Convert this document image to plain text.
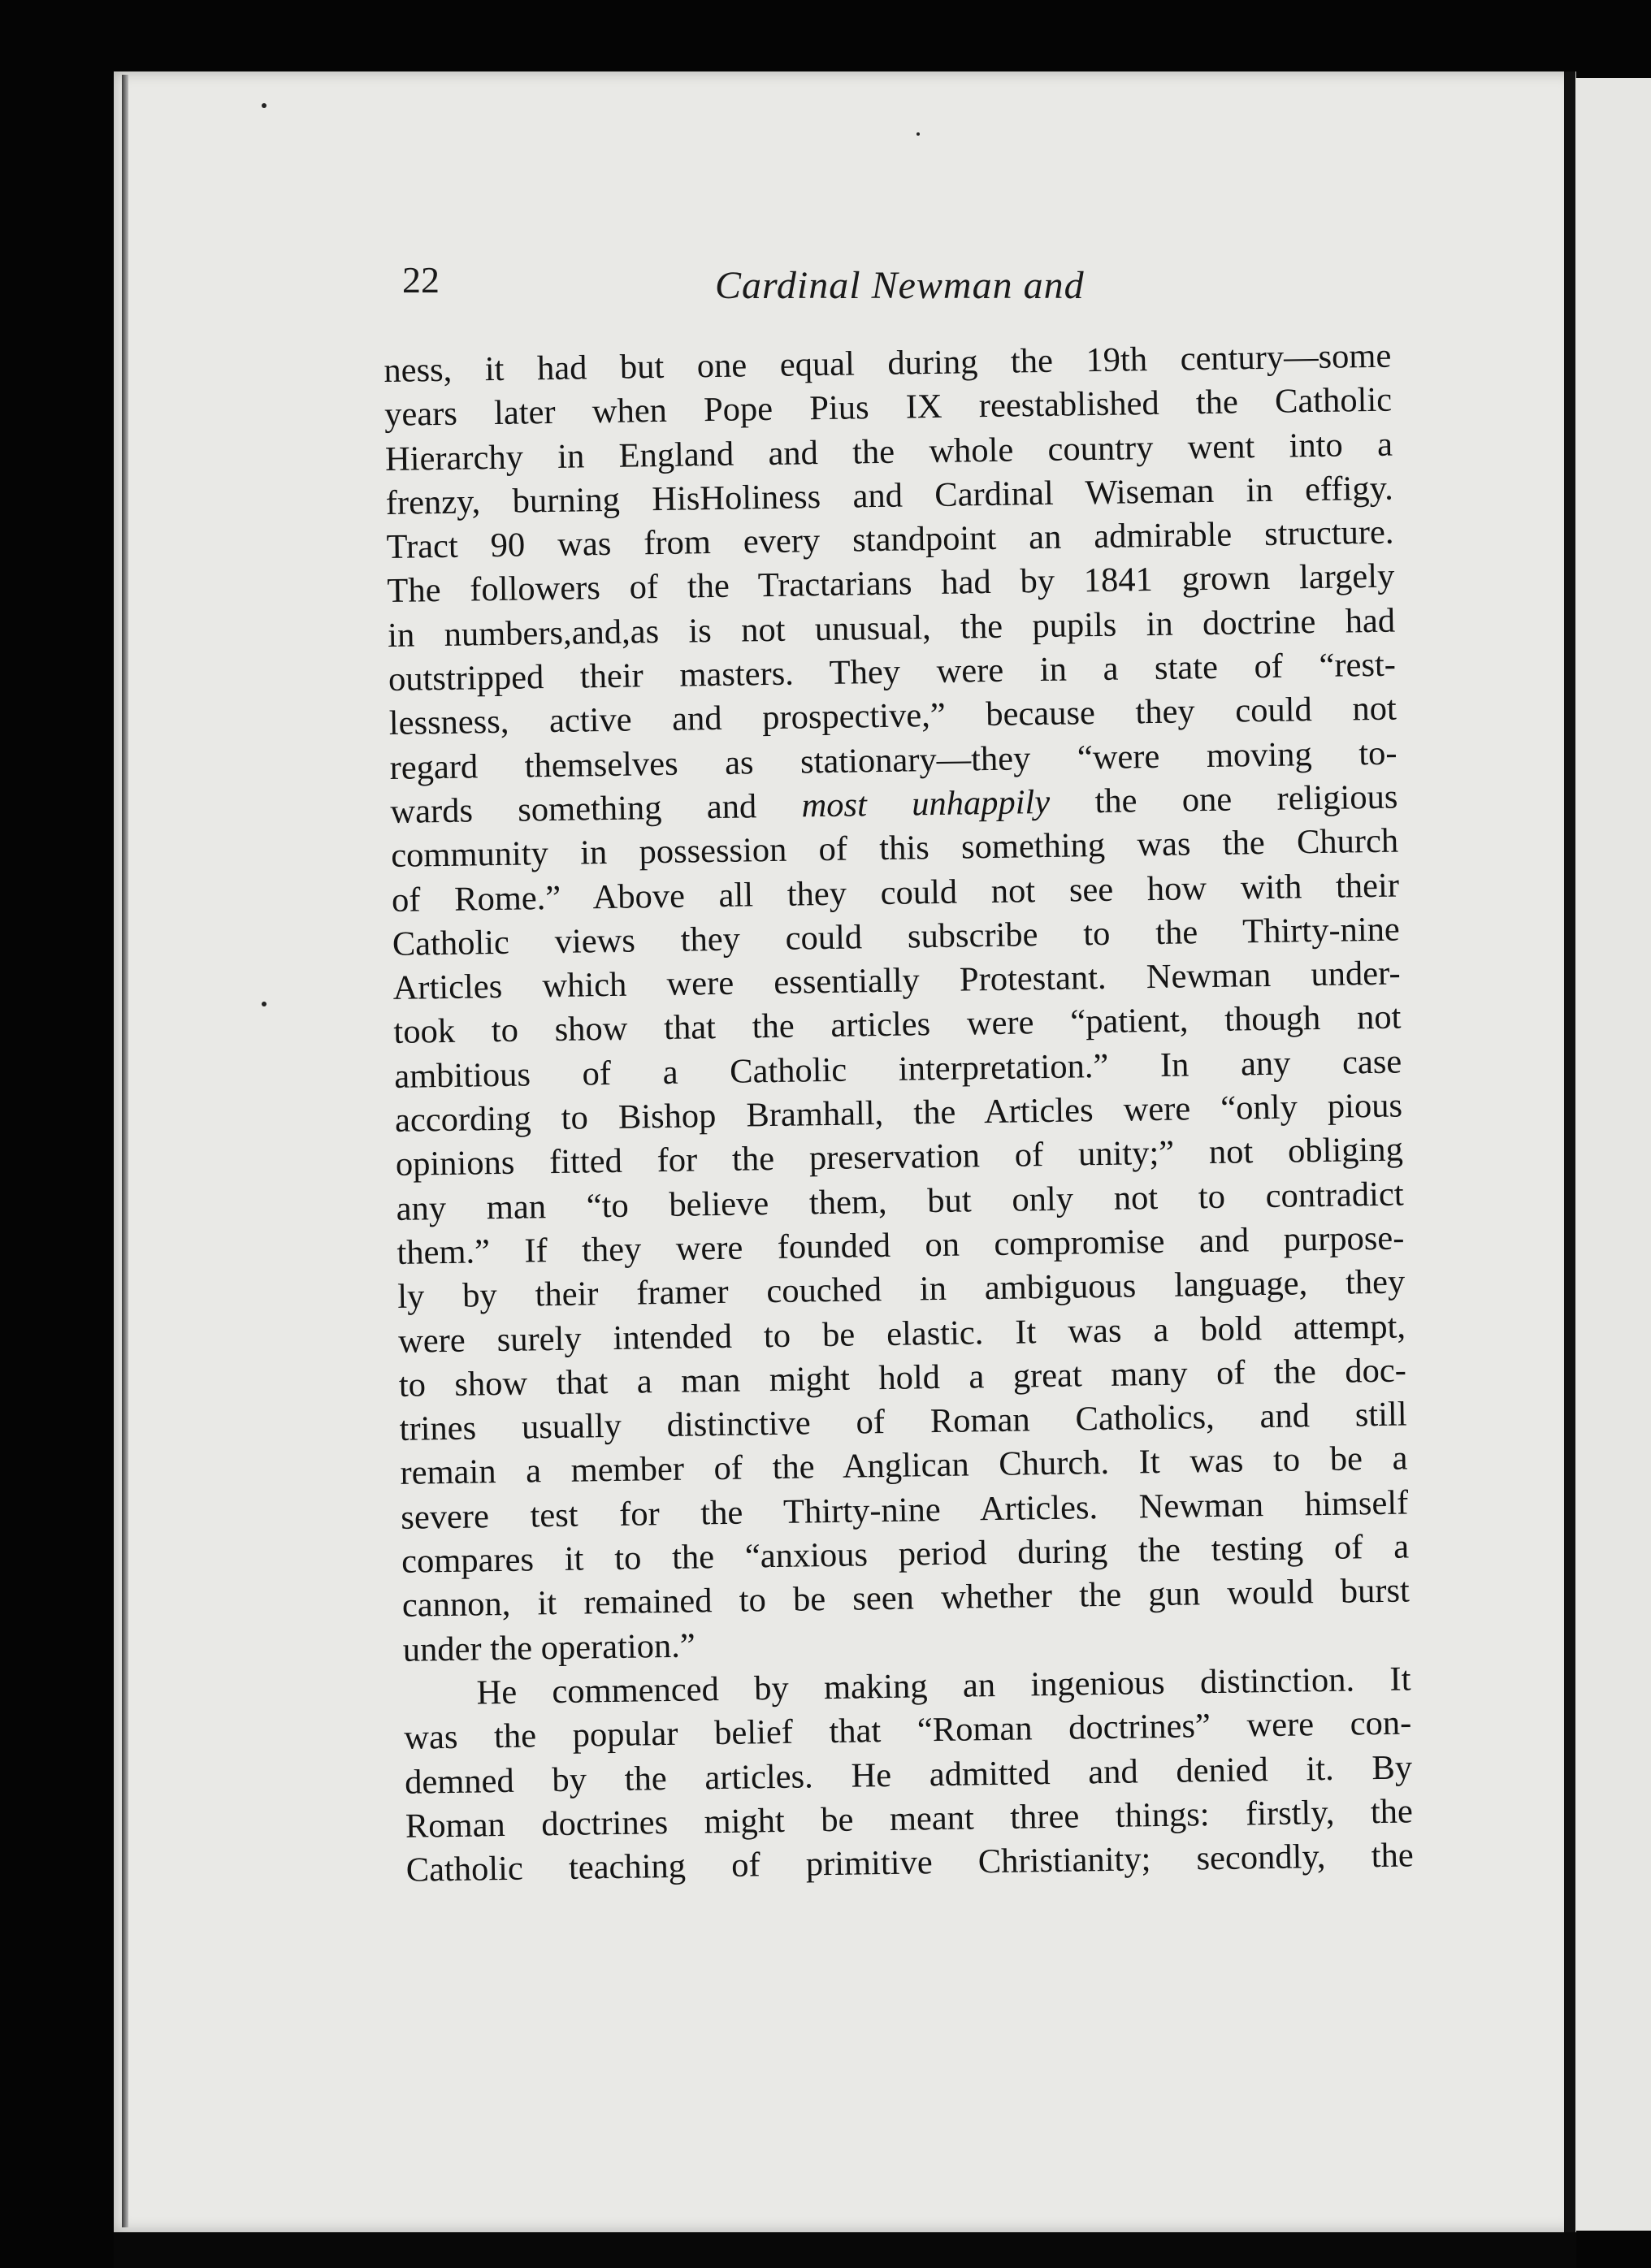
22	Cardinal Newman and
ness, it had but one equal during the 19th century—some
years later when Pope Pius IX reestablished the Catholic
Hierarchy in England and the whole country went into a
frenzy, burning HisHoliness and Cardinal Wiseman in effigy.
Tract 90 was from every standpoint an admirable structure.
The followers of the Tractarians had by 1841 grown largely
in numbers,and,as is not unusual, the pupils in doctrine had
outstripped their masters. They were in a state of “rest-
lessness, active and prospective,” because they could not
regard themselves as stationary—they “were moving to-
wards something and most unhappily the one religious
community in possession of this something was the Church
of Rome.” Above all they could not see how with their
Catholic views they could subscribe to the Thirty-nine
Articles which were essentially Protestant. Newman under-
took to show that the articles were “patient, though not
ambitious of a Catholic interpretation.” In any case
according to Bishop Bramhall, the Articles were “only pious
opinions fitted for the preservation of unity;” not obliging
any man “to believe them, but only not to contradict
them.” If they were founded on compromise and purpose-
ly by their framer couched in ambiguous language, they
were surely intended to be elastic. It was a bold attempt,
to show that a man might hold a great many of the doc-
trines usually distinctive of Roman Catholics, and still
remain a member of the Anglican Church. It was to be a
severe test for the Thirty-nine Articles. Newman himself
compares it to the “anxious period during the testing of a
cannon, it remained to be seen whether the gun would burst
under the operation.”
He commenced by making an ingenious distinction. It
was the popular belief that “Roman doctrines” were con-
demned by the articles. He admitted and denied it. By
Roman doctrines might be meant three things: firstly, the
Catholic teaching of primitive Christianity; secondly, the
